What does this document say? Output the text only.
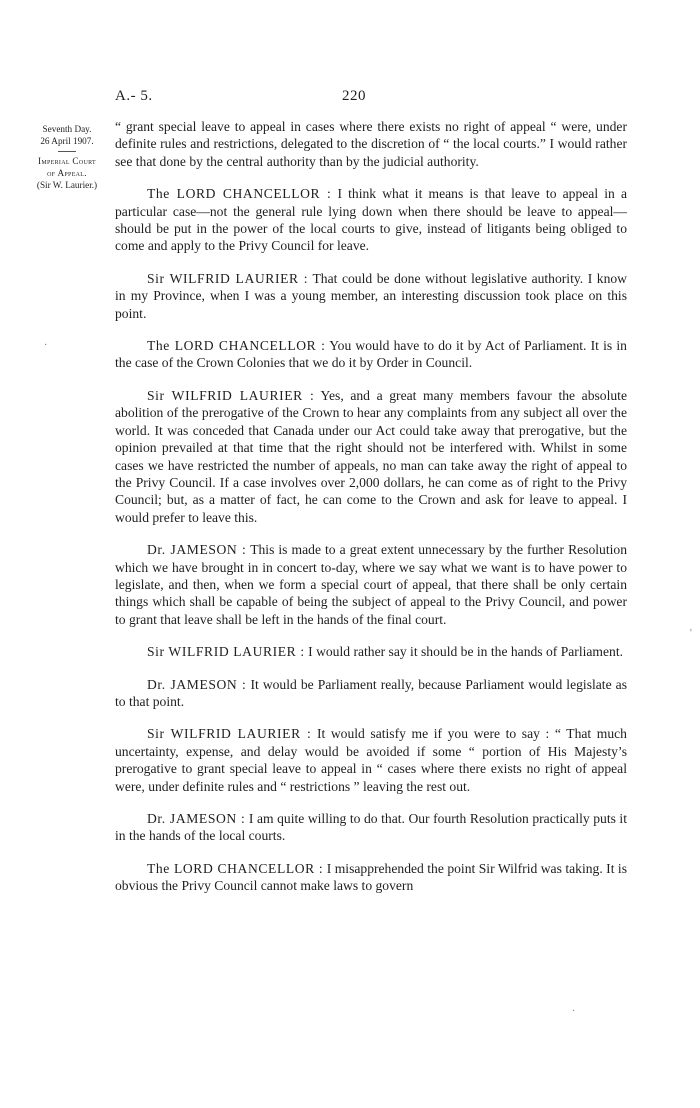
A.- 5.	220
Seventh Day.
26 April 1907.
Imperial Court
of Appeal.
(Sir W. Laurier.)

“ grant special leave to appeal in cases where there exists no right of appeal “ were, under definite rules and restrictions, delegated to the discretion of “ the local courts.” I would rather see that done by the central authority than by the judicial authority.

The LORD CHANCELLOR : I think what it means is that leave to appeal in a particular case—not the general rule lying down when there should be leave to appeal—should be put in the power of the local courts to give, instead of litigants being obliged to come and apply to the Privy Council for leave.

Sir WILFRID LAURIER : That could be done without legislative authority. I know in my Province, when I was a young member, an interesting discussion took place on this point.

The LORD CHANCELLOR : You would have to do it by Act of Parliament. It is in the case of the Crown Colonies that we do it by Order in Council.

Sir WILFRID LAURIER : Yes, and a great many members favour the absolute abolition of the prerogative of the Crown to hear any complaints from any subject all over the world. It was conceded that Canada under our Act could take away that prerogative, but the opinion prevailed at that time that the right should not be interfered with. Whilst in some cases we have restricted the number of appeals, no man can take away the right of appeal to the Privy Council. If a case involves over 2,000 dollars, he can come as of right to the Privy Council; but, as a matter of fact, he can come to the Crown and ask for leave to appeal. I would prefer to leave this.

Dr. JAMESON : This is made to a great extent unnecessary by the further Resolution which we have brought in in concert to-day, where we say what we want is to have power to legislate, and then, when we form a special court of appeal, that there shall be only certain things which shall be capable of being the subject of appeal to the Privy Council, and power to grant that leave shall be left in the hands of the final court.

Sir WILFRID LAURIER : I would rather say it should be in the hands of Parliament.

Dr. JAMESON : It would be Parliament really, because Parliament would legislate as to that point.

Sir WILFRID LAURIER : It would satisfy me if you were to say : “ That much uncertainty, expense, and delay would be avoided if some “ portion of His Majesty’s prerogative to grant special leave to appeal in “ cases where there exists no right of appeal were, under definite rules and “ restrictions ” leaving the rest out.

Dr. JAMESON : I am quite willing to do that. Our fourth Resolution practically puts it in the hands of the local courts.

The LORD CHANCELLOR : I misapprehended the point Sir Wilfrid was taking. It is obvious the Privy Council cannot make laws to govern

·
'
·
